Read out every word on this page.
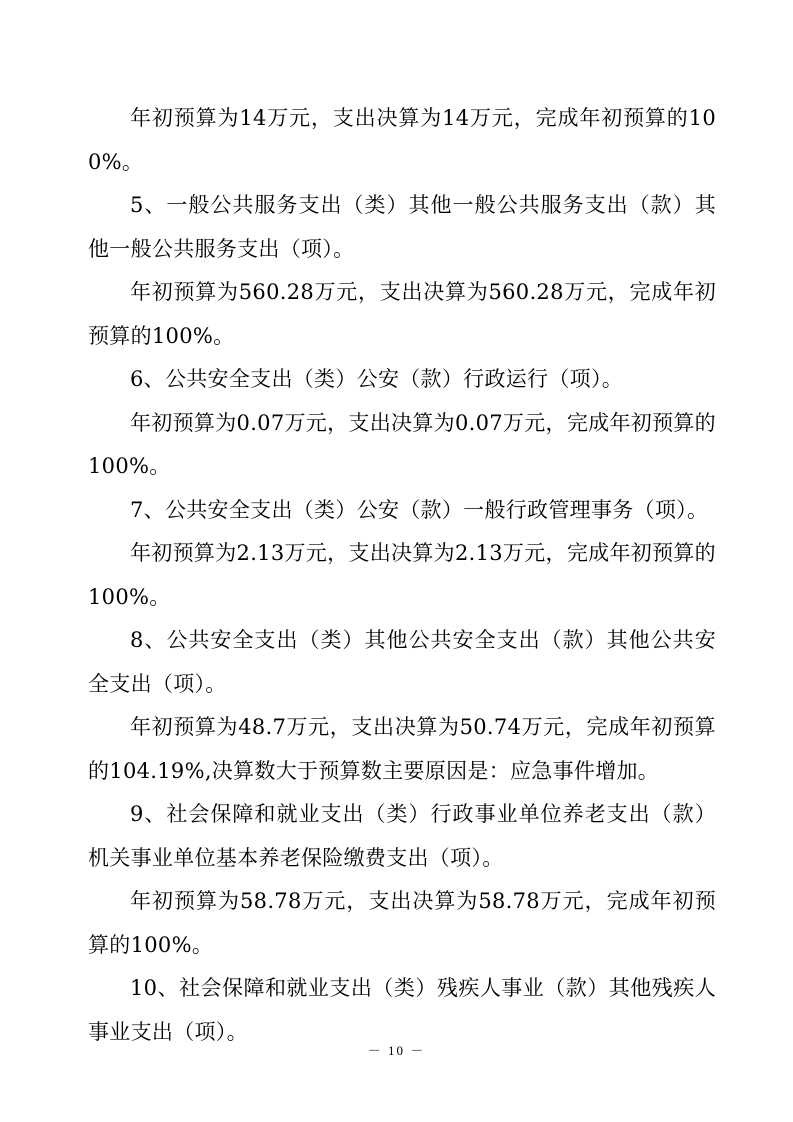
年初预算为14万元，支出决算为14万元，完成年初预算的100%。

5、一般公共服务支出（类）其他一般公共服务支出（款）其他一般公共服务支出（项）。

年初预算为560.28万元，支出决算为560.28万元，完成年初预算的100%。

6、公共安全支出（类）公安（款）行政运行（项）。

年初预算为0.07万元，支出决算为0.07万元，完成年初预算的100%。

7、公共安全支出（类）公安（款）一般行政管理事务（项）。

年初预算为2.13万元，支出决算为2.13万元，完成年初预算的100%。

8、公共安全支出（类）其他公共安全支出（款）其他公共安全支出（项）。

年初预算为48.7万元，支出决算为50.74万元，完成年初预算的104.19%,决算数大于预算数主要原因是：应急事件增加。

9、社会保障和就业支出（类）行政事业单位养老支出（款）机关事业单位基本养老保险缴费支出（项）。

年初预算为58.78万元，支出决算为58.78万元，完成年初预算的100%。

10、社会保障和就业支出（类）残疾人事业（款）其他残疾人事业支出（项）。

－ 10 －
